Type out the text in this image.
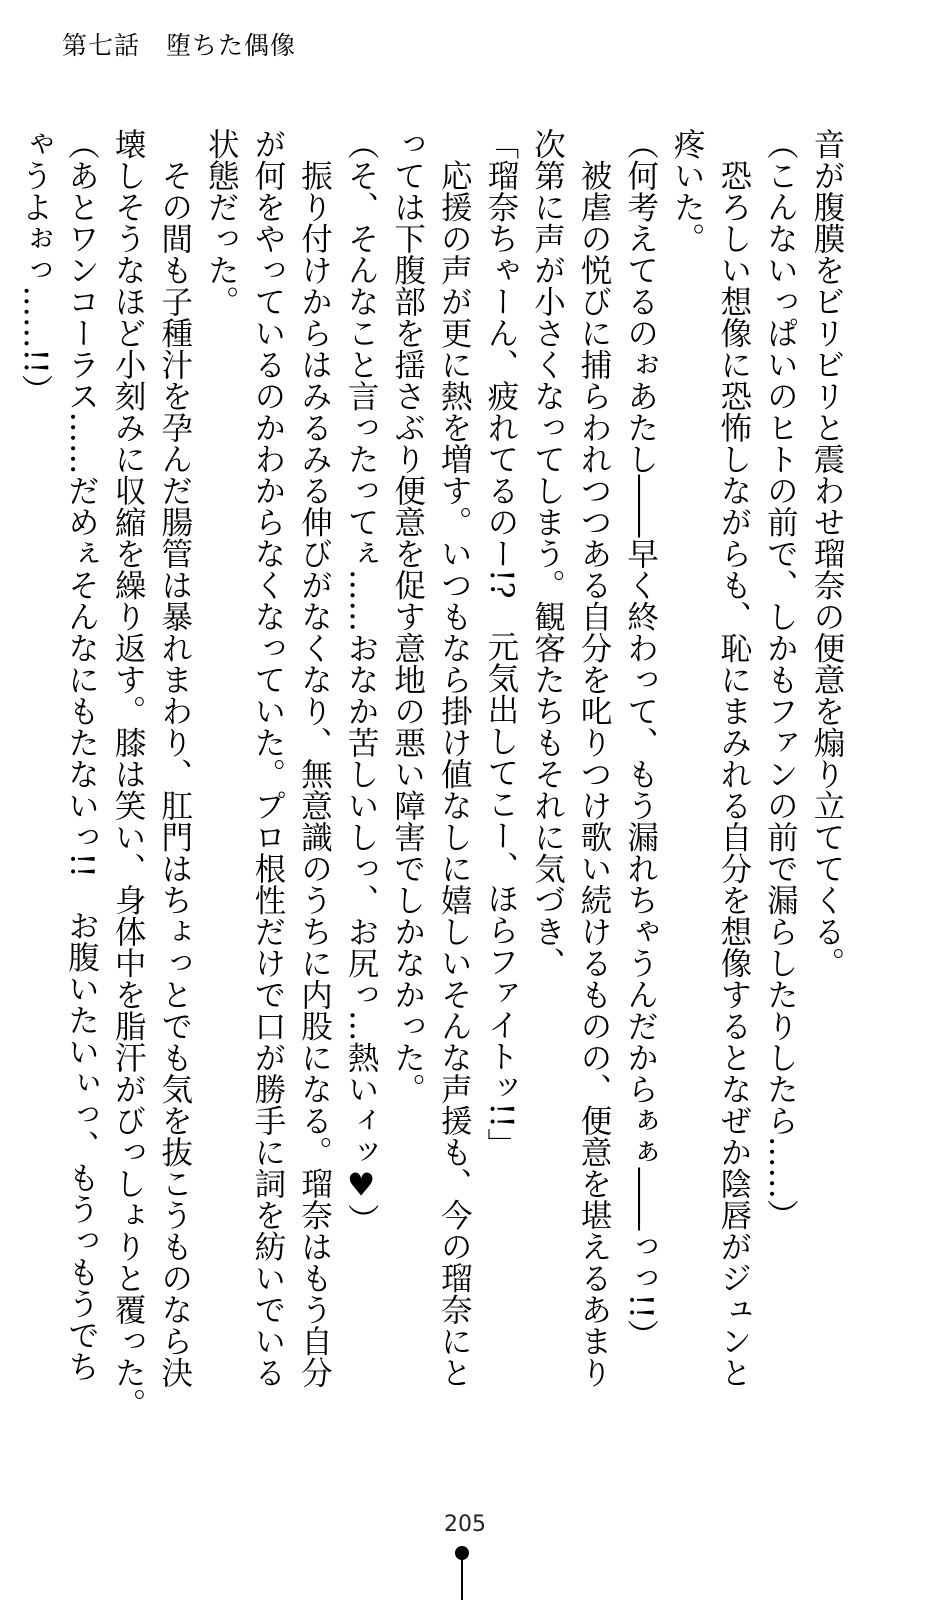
第七話　堕ちた偶像

音が腹膜をビリビリと震わせ瑠奈の便意を煽り立ててくる。

（こんないっぱいのヒトの前で、しかもファンの前で漏らしたりしたら……）

　恐ろしい想像に恐怖しながらも、恥にまみれる自分を想像するとなぜか陰唇がジュンと

疼いた。

（何考えてるのぉあたし――早く終わって、もう漏れちゃうんだからぁぁ――っっ!!）

　被虐の悦びに捕らわれつつある自分を叱りつけ歌い続けるものの、便意を堪えるあまり

次第に声が小さくなってしまう。観客たちもそれに気づき、

「瑠奈ちゃーん、疲れてるのー!?　元気出してこー、ほらファイトッ!!」

　応援の声が更に熱を増す。いつもなら掛け値なしに嬉しいそんな声援も、今の瑠奈にと

っては下腹部を揺さぶり便意を促す意地の悪い障害でしかなかった。

（そ、そんなこと言ったってぇ……おなか苦しいしっ、お尻っ…熱いィッ♥）

　振り付けからはみるみる伸びがなくなり、無意識のうちに内股になる。瑠奈はもう自分

が何をやっているのかわからなくなっていた。プロ根性だけで口が勝手に詞を紡いでいる

状態だった。

　その間も子種汁を孕んだ腸管は暴れまわり、肛門はちょっとでも気を抜こうものなら決

壊しそうなほど小刻みに収縮を繰り返す。膝は笑い、身体中を脂汗がびっしょりと覆った。

（あとワンコーラス……だめぇそんなにもたないっ!!　お腹いたいぃっ、もうっもうでち

ゃうよぉっ……!!）

205
